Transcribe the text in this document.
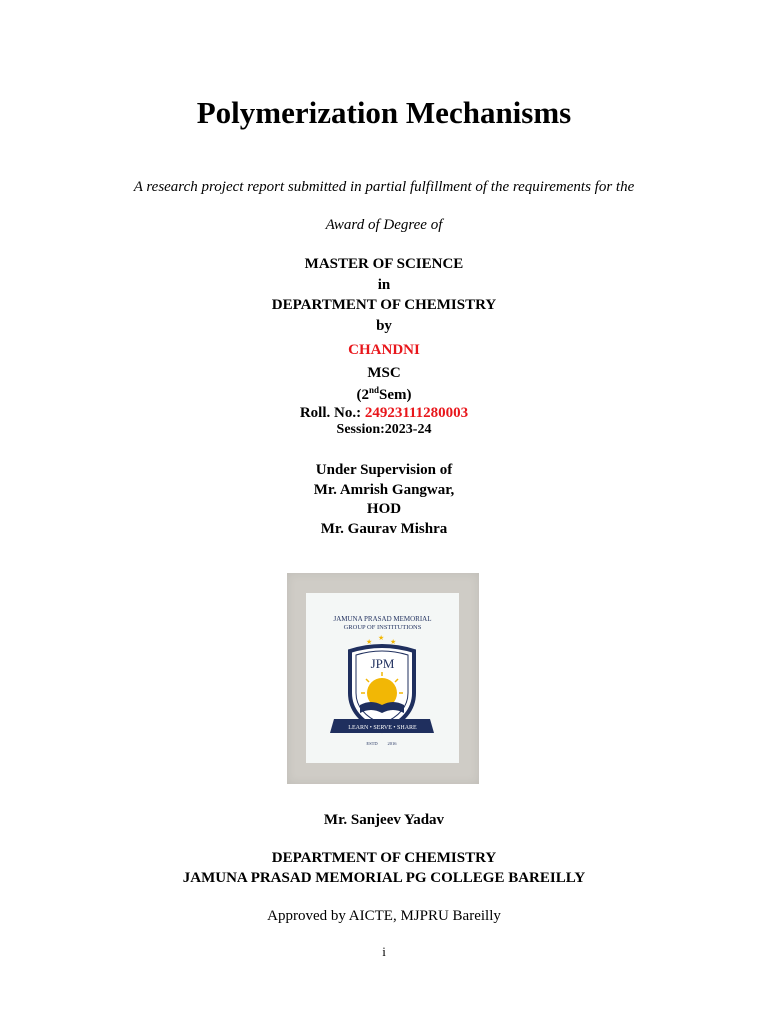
Polymerization Mechanisms
A research project report submitted in partial fulfillment of the requirements for the
Award of Degree of
MASTER OF SCIENCE
in
DEPARTMENT OF CHEMISTRY
by
CHANDNI
MSC
(2ndSem)
Roll. No.: 24923111280003
Session:2023-24
Under Supervision of
Mr. Amrish Gangwar,
HOD
Mr. Gaurav Mishra
JAMUNA PRASAD MEMORIAL
GROUP OF INSTITUTIONS
★ ★ ★
JPM
LEARN • SERVE • SHARE
ESTD 2016
Mr. Sanjeev Yadav
DEPARTMENT OF CHEMISTRY
JAMUNA PRASAD MEMORIAL PG COLLEGE BAREILLY
Approved by AICTE, MJPRU Bareilly
i
